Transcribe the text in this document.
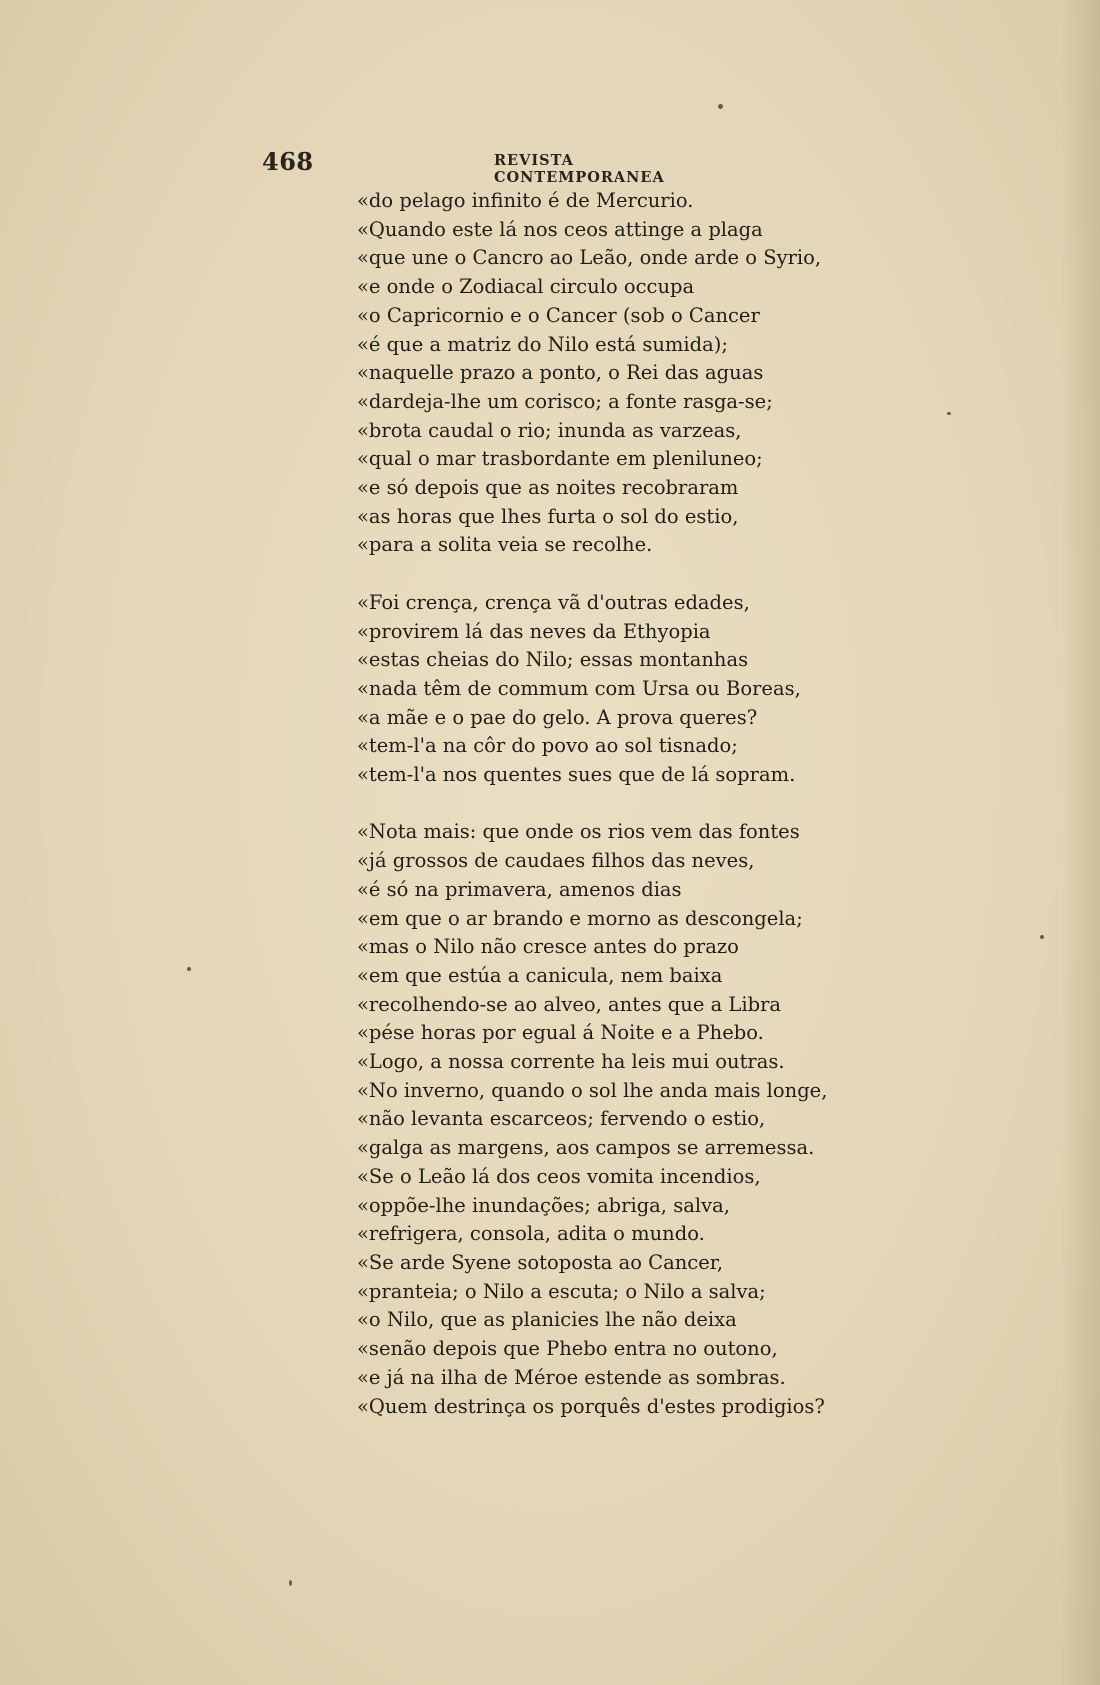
468	REVISTA CONTEMPORANEA
«do pelago infinito é de Mercurio.
«Quando este lá nos ceos attinge a plaga
«que une o Cancro ao Leão, onde arde o Syrio,
«e onde o Zodiacal circulo occupa
«o Capricornio e o Cancer (sob o Cancer
«é que a matriz do Nilo está sumida);
«naquelle prazo a ponto, o Rei das aguas
«dardeja-lhe um corisco; a fonte rasga-se;
«brota caudal o rio; inunda as varzeas,
«qual o mar trasbordante em pleniluneo;
«e só depois que as noites recobraram
«as horas que lhes furta o sol do estio,
«para a solita veia se recolhe.
«Foi crença, crença vã d'outras edades,
«provirem lá das neves da Ethyopia
«estas cheias do Nilo; essas montanhas
«nada têm de commum com Ursa ou Boreas,
«a mãe e o pae do gelo. A prova queres?
«tem-l'a na côr do povo ao sol tisnado;
«tem-l'a nos quentes sues que de lá sopram.
«Nota mais: que onde os rios vem das fontes
«já grossos de caudaes filhos das neves,
«é só na primavera, amenos dias
«em que o ar brando e morno as descongela;
«mas o Nilo não cresce antes do prazo
«em que estúa a canicula, nem baixa
«recolhendo-se ao alveo, antes que a Libra
«pése horas por egual á Noite e a Phebo.
«Logo, a nossa corrente ha leis mui outras.
«No inverno, quando o sol lhe anda mais longe,
«não levanta escarceos; fervendo o estio,
«galga as margens, aos campos se arremessa.
«Se o Leão lá dos ceos vomita incendios,
«oppõe-lhe inundações; abriga, salva,
«refrigera, consola, adita o mundo.
«Se arde Syene sotoposta ao Cancer,
«pranteia; o Nilo a escuta; o Nilo a salva;
«o Nilo, que as planicies lhe não deixa
«senão depois que Phebo entra no outono,
«e já na ilha de Méroe estende as sombras.
«Quem destrinça os porquês d'estes prodigios?
